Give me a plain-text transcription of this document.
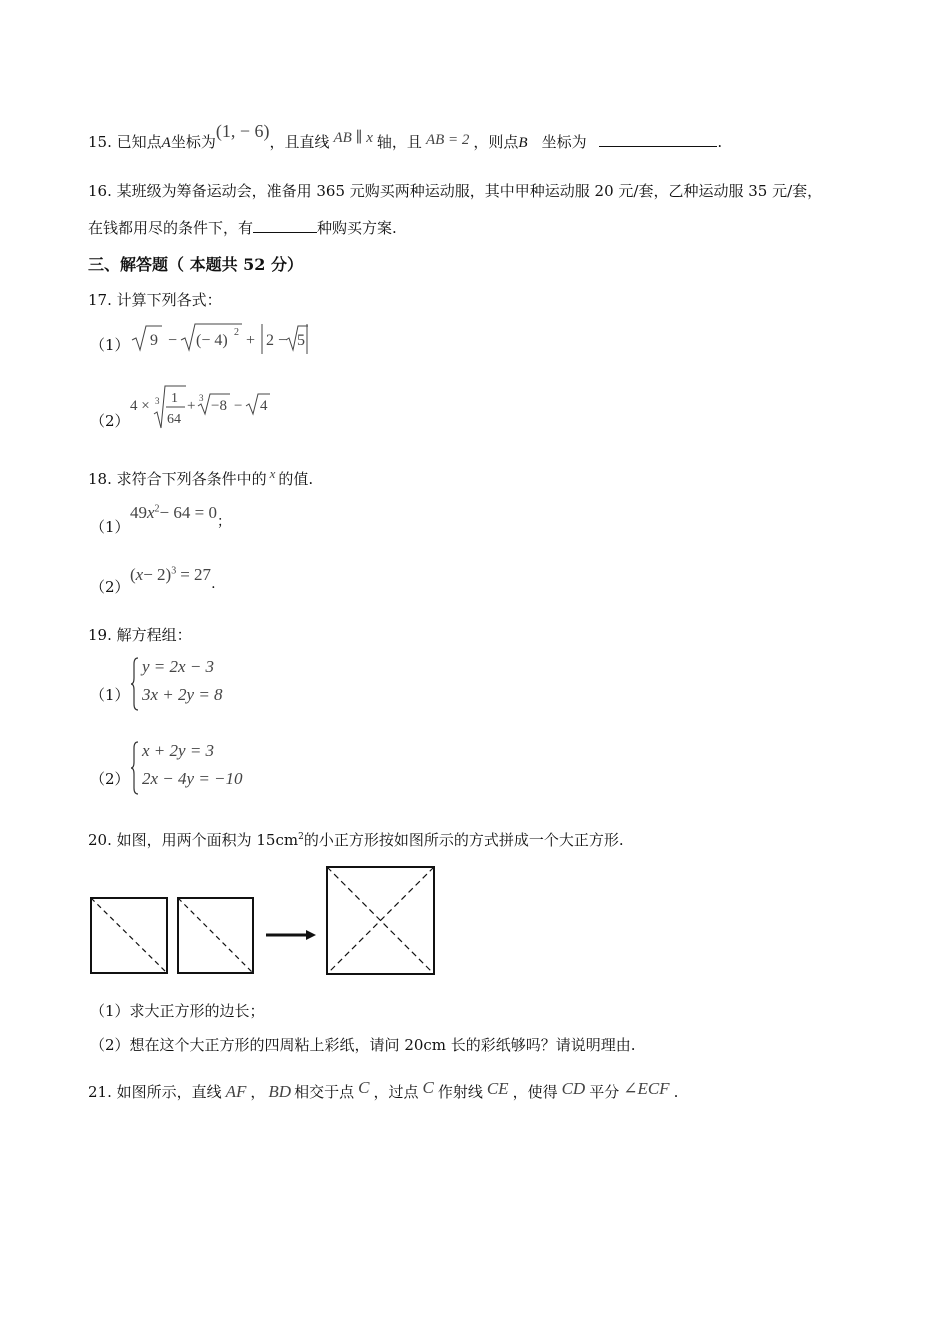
15. 已知点A坐标为(1, − 6)，且直线 AB ∥ x 轴，且 AB = 2 ，则点B 坐标为	.
16. 某班级为筹备运动会，准备用 365 元购买两种运动服，其中甲种运动服 20 元/套，乙种运动服 35 元/套，
在钱都用尽的条件下，有	种购买方案.
三、解答题（ 本题共 52 分）
17. 计算下列各式：
（1） 9 − (− 4) 2 + 2 − 5
（2）
4 × 3 1
64
+ 3 −8 − 4
18. 求符合下列各条件中的 x 的值.
（1）
$49x^2- 64 = 0_;$
（2）
$(x- 2)^3 = 27_.$
19. 解方程组：
（1）
y = 2x − 3
3x + 2y = 8
（2）
x + 2y = 3
2x − 4y = −10
20. 如图，用两个面积为 $15cm^2$的小正方形按如图所示的方式拼成一个大正方形.
（1）求大正方形的边长；
（2）想在这个大正方形的四周粘上彩纸，请问 20cm 长的彩纸够吗？请说明理由.
21. 如图所示，直线 AF ， BD 相交于点 C ，过点 C 作射线 CE ，使得 CD 平分 ∠ECF .
